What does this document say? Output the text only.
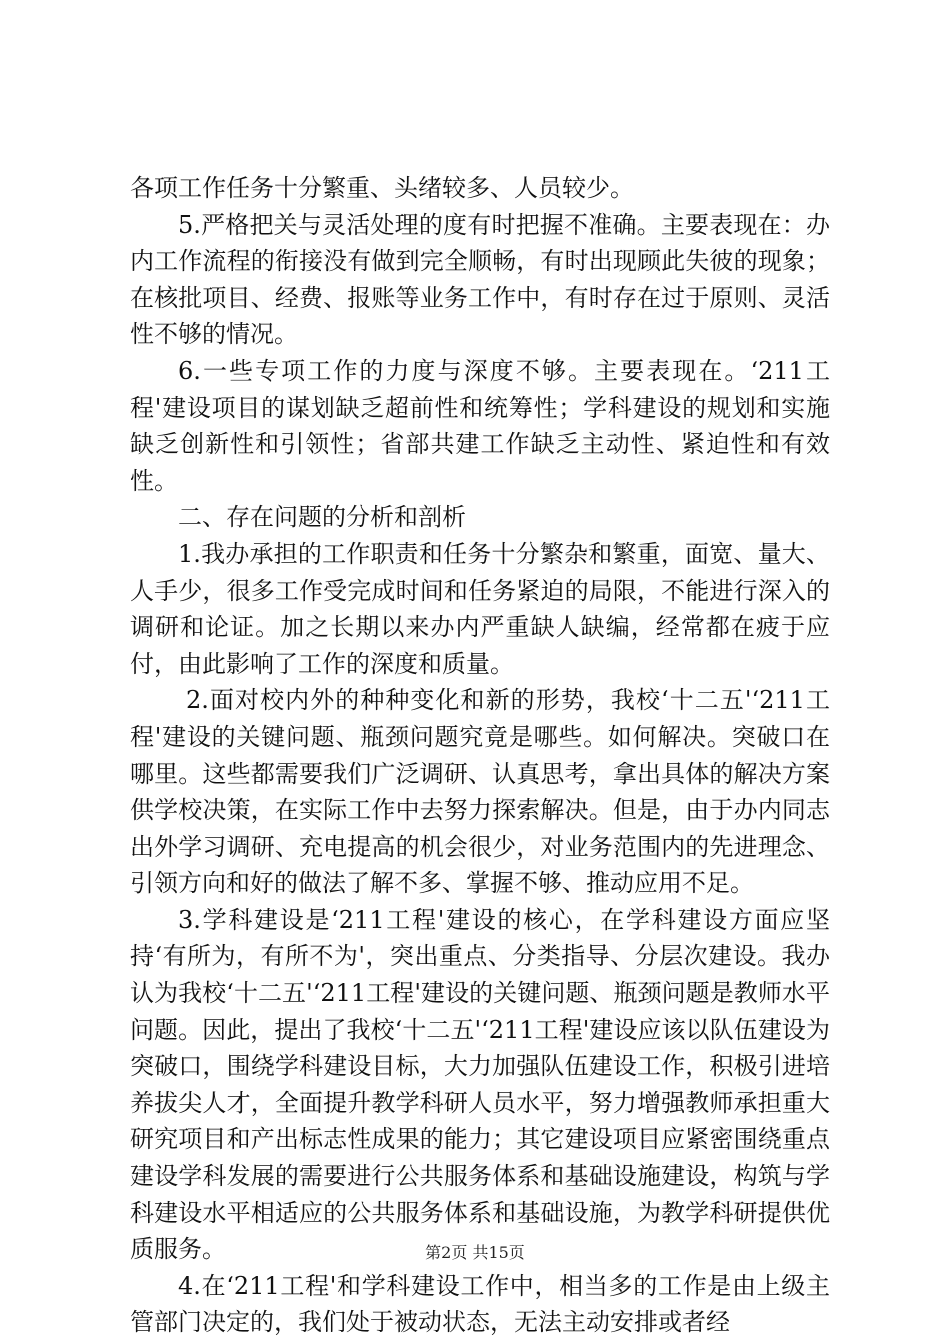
各项工作任务十分繁重、头绪较多、人员较少。

5.严格把关与灵活处理的度有时把握不准确。主要表现在：办内工作流程的衔接没有做到完全顺畅，有时出现顾此失彼的现象；在核批项目、经费、报账等业务工作中，有时存在过于原则、灵活性不够的情况。

6.一些专项工作的力度与深度不够。主要表现在。‘211工程'建设项目的谋划缺乏超前性和统筹性；学科建设的规划和实施缺乏创新性和引领性；省部共建工作缺乏主动性、紧迫性和有效性。

二、存在问题的分析和剖析

1.我办承担的工作职责和任务十分繁杂和繁重，面宽、量大、人手少，很多工作受完成时间和任务紧迫的局限，不能进行深入的调研和论证。加之长期以来办内严重缺人缺编，经常都在疲于应付，由此影响了工作的深度和质量。

2.面对校内外的种种变化和新的形势，我校‘十二五'‘211工程'建设的关键问题、瓶颈问题究竟是哪些。如何解决。突破口在哪里。这些都需要我们广泛调研、认真思考，拿出具体的解决方案供学校决策，在实际工作中去努力探索解决。但是，由于办内同志出外学习调研、充电提高的机会很少，对业务范围内的先进理念、引领方向和好的做法了解不多、掌握不够、推动应用不足。

3.学科建设是‘211工程'建设的核心，在学科建设方面应坚持‘有所为，有所不为'，突出重点、分类指导、分层次建设。我办认为我校‘十二五'‘211工程'建设的关键问题、瓶颈问题是教师水平问题。因此，提出了我校‘十二五'‘211工程'建设应该以队伍建设为突破口，围绕学科建设目标，大力加强队伍建设工作，积极引进培养拔尖人才，全面提升教学科研人员水平，努力增强教师承担重大研究项目和产出标志性成果的能力；其它建设项目应紧密围绕重点建设学科发展的需要进行公共服务体系和基础设施建设，构筑与学科建设水平相适应的公共服务体系和基础设施，为教学科研提供优质服务。

4.在‘211工程'和学科建设工作中，相当多的工作是由上级主管部门决定的，我们处于被动状态，无法主动安排或者经

第2页 共15页
